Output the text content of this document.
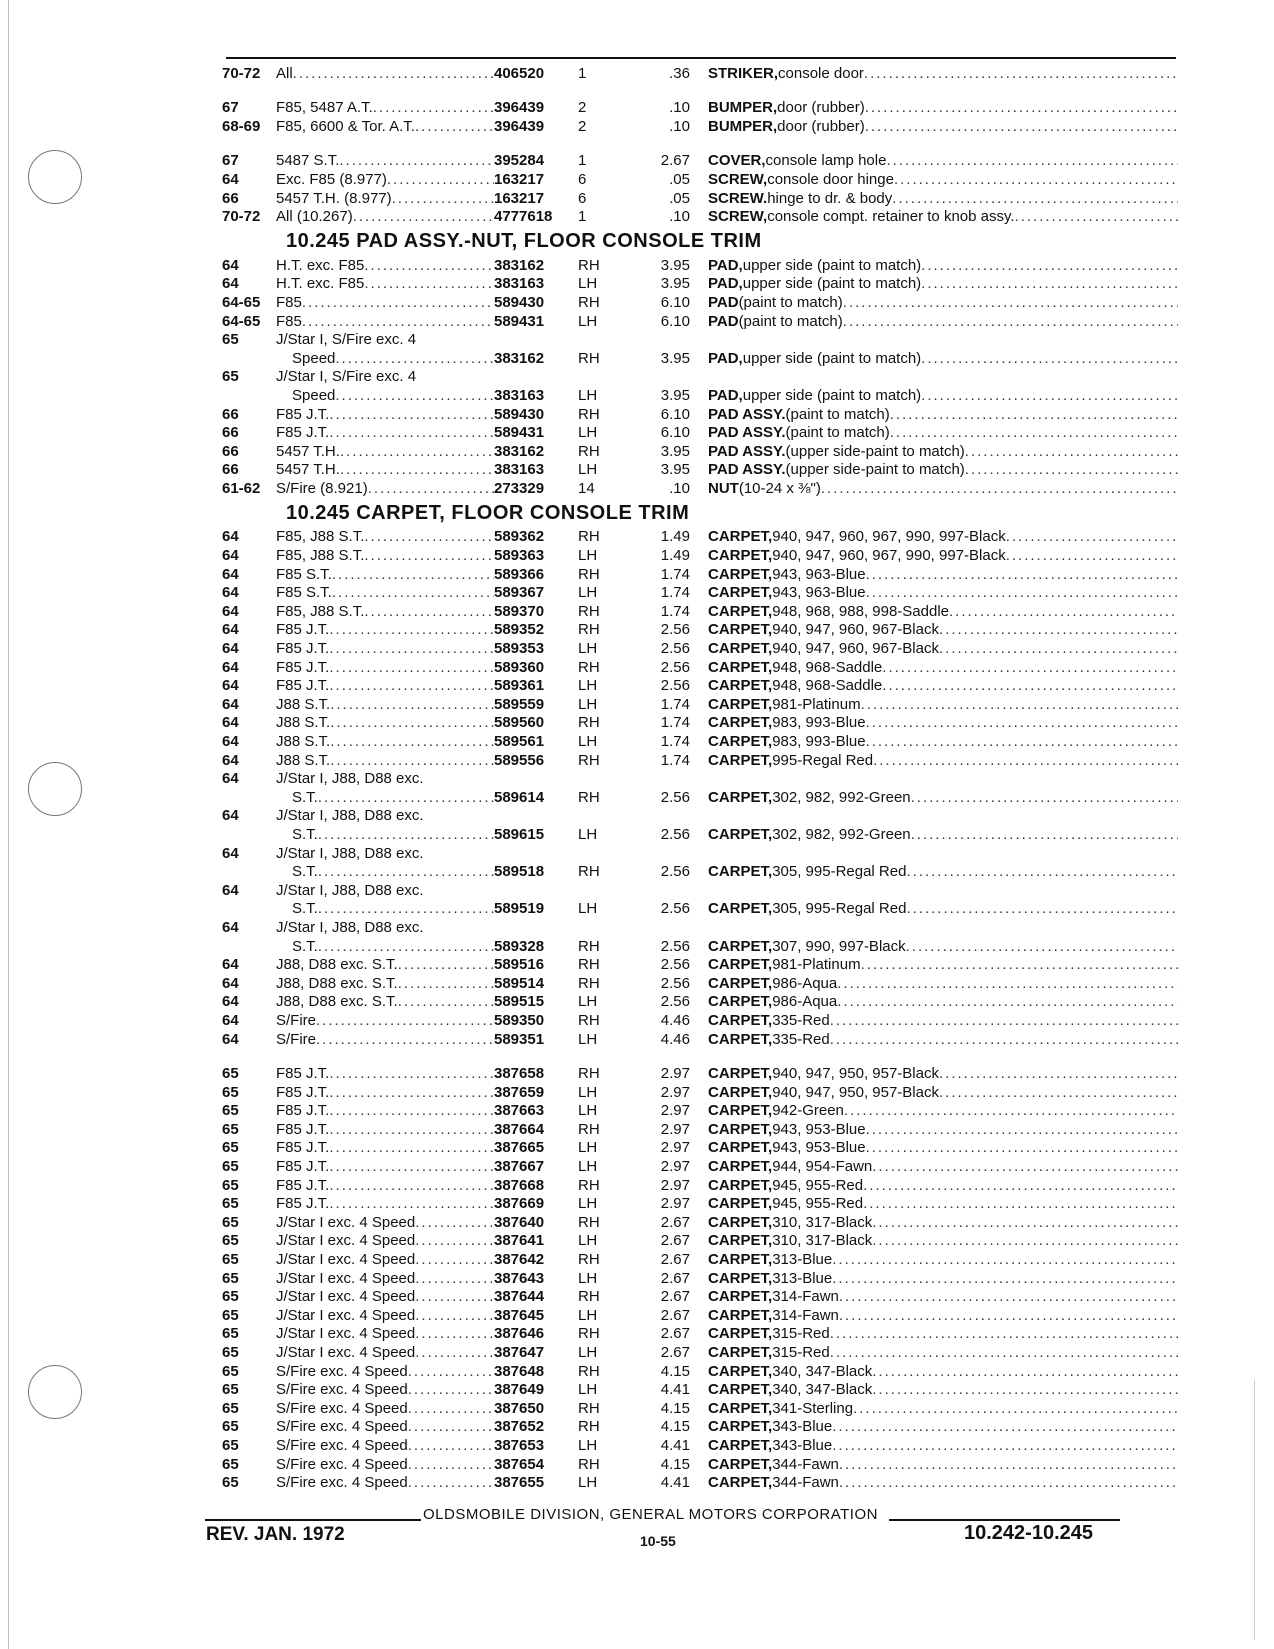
70-72	All .....	406520	1	.36	STRIKER, console door
.....
67	F85, 5487 A.T. .....	396439	2	.10	BUMPER, door (rubber)
.....
68-69	F85, 6600 & Tor. A.T. .....	396439	2	.10	BUMPER, door (rubber)
.....
67	5487 S.T. .....	395284	1	2.67	COVER, console lamp hole
.....
64	Exc. F85 (8.977) .....	163217	6	.05	SCREW, console door hinge
.....
66	5457 T.H. (8.977) .....	163217	6	.05	SCREW. hinge to dr. & body
.....
70-72	All (10.267) .....	4777618	1	.10	SCREW, console compt. retainer to knob assy.
.....
10.245 PAD ASSY.-NUT, FLOOR CONSOLE TRIM
64	H.T. exc. F85 .....	383162	RH	3.95	PAD, upper side (paint to match)
.....
64	H.T. exc. F85 .....	383163	LH	3.95	PAD, upper side (paint to match)
.....
64-65	F85 .....	589430	RH	6.10	PAD (paint to match)
.....
64-65	F85 .....	589431	LH	6.10	PAD (paint to match)
.....
65	J/Star I, S/Fire exc. 4
Speed .....	383162	RH	3.95	PAD, upper side (paint to match)
.....
65	J/Star I, S/Fire exc. 4
Speed .....	383163	LH	3.95	PAD, upper side (paint to match)
.....
66	F85 J.T. .....	589430	RH	6.10	PAD ASSY. (paint to match)
.....
66	F85 J.T. .....	589431	LH	6.10	PAD ASSY. (paint to match)
.....
66	5457 T.H. .....	383162	RH	3.95	PAD ASSY. (upper side-paint to match)
.....
66	5457 T.H. .....	383163	LH	3.95	PAD ASSY. (upper side-paint to match)
.....
61-62	S/Fire (8.921) .....	273329	14	.10	NUT (10-24 x ⅜")
.....
10.245 CARPET, FLOOR CONSOLE TRIM
64	F85, J88 S.T. .....	589362	RH	1.49	CARPET, 940, 947, 960, 967, 990, 997-Black
.....
64	F85, J88 S.T. .....	589363	LH	1.49	CARPET, 940, 947, 960, 967, 990, 997-Black
.....
64	F85 S.T. .....	589366	RH	1.74	CARPET, 943, 963-Blue
.....
64	F85 S.T. .....	589367	LH	1.74	CARPET, 943, 963-Blue
.....
64	F85, J88 S.T. .....	589370	RH	1.74	CARPET, 948, 968, 988, 998-Saddle
.....
64	F85 J.T. .....	589352	RH	2.56	CARPET, 940, 947, 960, 967-Black
.....
64	F85 J.T. .....	589353	LH	2.56	CARPET, 940, 947, 960, 967-Black
.....
64	F85 J.T. .....	589360	RH	2.56	CARPET, 948, 968-Saddle
.....
64	F85 J.T. .....	589361	LH	2.56	CARPET, 948, 968-Saddle
.....
64	J88 S.T. .....	589559	LH	1.74	CARPET, 981-Platinum
.....
64	J88 S.T. .....	589560	RH	1.74	CARPET, 983, 993-Blue
.....
64	J88 S.T. .....	589561	LH	1.74	CARPET, 983, 993-Blue
.....
64	J88 S.T. .....	589556	RH	1.74	CARPET, 995-Regal Red
.....
64	J/Star I, J88, D88 exc.
S.T. .....	589614	RH	2.56	CARPET, 302, 982, 992-Green
.....
64	J/Star I, J88, D88 exc.
S.T. .....	589615	LH	2.56	CARPET, 302, 982, 992-Green
.....
64	J/Star I, J88, D88 exc.
S.T. .....	589518	RH	2.56	CARPET, 305, 995-Regal Red
.....
64	J/Star I, J88, D88 exc.
S.T. .....	589519	LH	2.56	CARPET, 305, 995-Regal Red
.....
64	J/Star I, J88, D88 exc.
S.T. .....	589328	RH	2.56	CARPET, 307, 990, 997-Black
.....
64	J88, D88 exc. S.T. .....	589516	RH	2.56	CARPET, 981-Platinum
.....
64	J88, D88 exc. S.T. .....	589514	RH	2.56	CARPET, 986-Aqua
.....
64	J88, D88 exc. S.T. .....	589515	LH	2.56	CARPET, 986-Aqua
.....
64	S/Fire .....	589350	RH	4.46	CARPET, 335-Red
.....
64	S/Fire .....	589351	LH	4.46	CARPET, 335-Red
.....
65	F85 J.T. .....	387658	RH	2.97	CARPET, 940, 947, 950, 957-Black
.....
65	F85 J.T. .....	387659	LH	2.97	CARPET, 940, 947, 950, 957-Black
.....
65	F85 J.T. .....	387663	LH	2.97	CARPET, 942-Green
.....
65	F85 J.T. .....	387664	RH	2.97	CARPET, 943, 953-Blue
.....
65	F85 J.T. .....	387665	LH	2.97	CARPET, 943, 953-Blue
.....
65	F85 J.T. .....	387667	LH	2.97	CARPET, 944, 954-Fawn
.....
65	F85 J.T. .....	387668	RH	2.97	CARPET, 945, 955-Red
.....
65	F85 J.T. .....	387669	LH	2.97	CARPET, 945, 955-Red
.....
65	J/Star I exc. 4 Speed .....	387640	RH	2.67	CARPET, 310, 317-Black
.....
65	J/Star I exc. 4 Speed .....	387641	LH	2.67	CARPET, 310, 317-Black
.....
65	J/Star I exc. 4 Speed .....	387642	RH	2.67	CARPET, 313-Blue
.....
65	J/Star I exc. 4 Speed .....	387643	LH	2.67	CARPET, 313-Blue
.....
65	J/Star I exc. 4 Speed .....	387644	RH	2.67	CARPET, 314-Fawn
.....
65	J/Star I exc. 4 Speed .....	387645	LH	2.67	CARPET, 314-Fawn
.....
65	J/Star I exc. 4 Speed .....	387646	RH	2.67	CARPET, 315-Red
.....
65	J/Star I exc. 4 Speed .....	387647	LH	2.67	CARPET, 315-Red
.....
65	S/Fire exc. 4 Speed .....	387648	RH	4.15	CARPET, 340, 347-Black
.....
65	S/Fire exc. 4 Speed .....	387649	LH	4.41	CARPET, 340, 347-Black
.....
65	S/Fire exc. 4 Speed .....	387650	RH	4.15	CARPET, 341-Sterling
.....
65	S/Fire exc. 4 Speed .....	387652	RH	4.15	CARPET, 343-Blue
.....
65	S/Fire exc. 4 Speed .....	387653	LH	4.41	CARPET, 343-Blue
.....
65	S/Fire exc. 4 Speed .....	387654	RH	4.15	CARPET, 344-Fawn
.....
65	S/Fire exc. 4 Speed .....	387655	LH	4.41	CARPET, 344-Fawn
.....
OLDSMOBILE DIVISION, GENERAL MOTORS CORPORATION
REV. JAN. 1972	10-55	10.242-10.245
